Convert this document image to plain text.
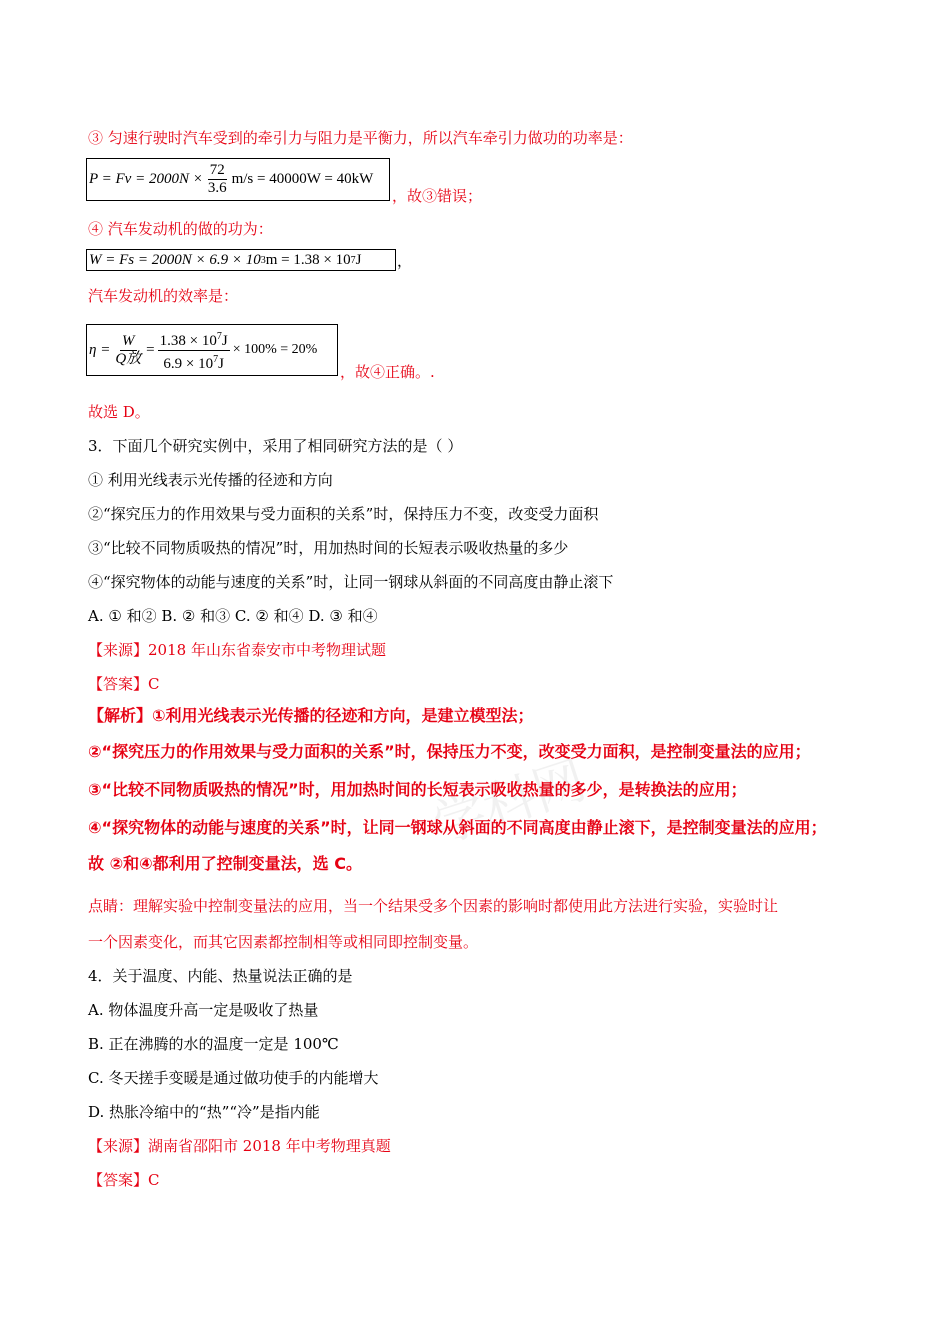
学科网
③ 匀速行驶时汽车受到的牵引力与阻力是平衡力，所以汽车牵引力做功的功率是：
$P = Fv = 2000N \times \frac{72}{3.6} m/s = 40000W = 40kW$
，故③错误；
④ 汽车发动机的做的功为：
W = Fs = 2000N × 6.9 × 10 3 m = 1.38 × 10 7 J ，
汽车发动机的效率是：
$\eta = \frac{W}{\text{Q放}} = \frac{1.38 \times 10^7J}{6.9 \times 10^7J} \times 100\% = 20\%$
，故④正确。.
故选 D。
3．下面几个研究实例中，采用了相同研究方法的是（ ）
① 利用光线表示光传播的径迹和方向
②“探究压力的作用效果与受力面积的关系”时，保持压力不变，改变受力面积
③“比较不同物质吸热的情况”时，用加热时间的长短表示吸收热量的多少
④“探究物体的动能与速度的关系”时，让同一钢球从斜面的不同高度由静止滚下
A. ① 和② B. ② 和③ C. ② 和④ D. ③ 和④
【来源】2018 年山东省泰安市中考物理试题
【答案】C
【解析】①利用光线表示光传播的径迹和方向，是建立模型法；
②“探究压力的作用效果与受力面积的关系”时，保持压力不变，改变受力面积，是控制变量法的应用；
③“比较不同物质吸热的情况”时，用加热时间的长短表示吸收热量的多少，是转换法的应用；
④“探究物体的动能与速度的关系”时，让同一钢球从斜面的不同高度由静止滚下，是控制变量法的应用；
故 ②和④都利用了控制变量法，选 C。
点睛：理解实验中控制变量法的应用，当一个结果受多个因素的影响时都使用此方法进行实验，实验时让
一个因素变化，而其它因素都控制相等或相同即控制变量。
4．关于温度、内能、热量说法正确的是
A. 物体温度升高一定是吸收了热量
B. 正在沸腾的水的温度一定是 100℃
C. 冬天搓手变暖是通过做功使手的内能增大
D. 热胀冷缩中的“热”“冷”是指内能
【来源】湖南省邵阳市 2018 年中考物理真题
【答案】C
